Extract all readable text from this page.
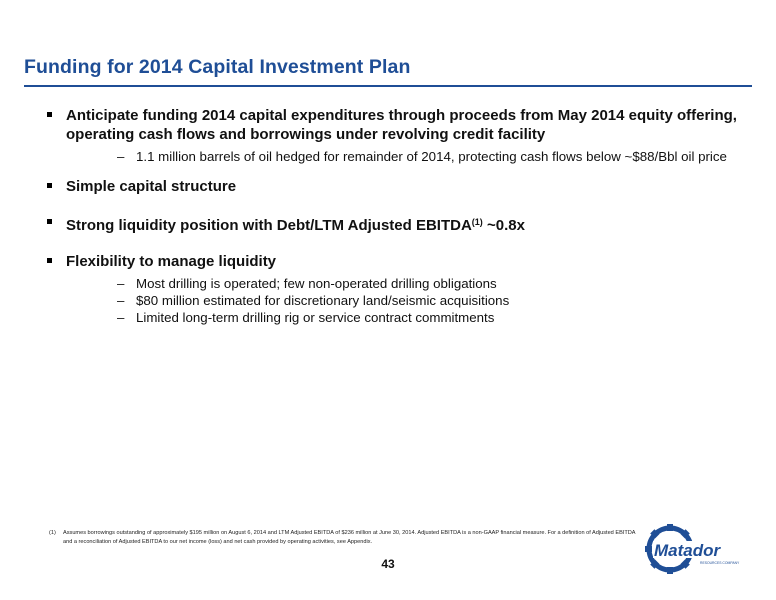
Funding for 2014 Capital Investment Plan
Anticipate funding 2014 capital expenditures through proceeds from May 2014 equity offering, operating cash flows and borrowings under revolving credit facility
– 1.1 million barrels of oil hedged for remainder of 2014, protecting cash flows below ~$88/Bbl oil price
Simple capital structure
Strong liquidity position with Debt/LTM Adjusted EBITDA$^{(1)}$ ~0.8x
Flexibility to manage liquidity
– Most drilling is operated; few non-operated drilling obligations
– $80 million estimated for discretionary land/seismic acquisitions
– Limited long-term drilling rig or service contract commitments
(1)	Assumes borrowings outstanding of approximately $195 million on August 6, 2014 and LTM Adjusted EBITDA of $236 million at June 30, 2014. Adjusted EBITDA is a non-GAAP financial measure. For a definition of Adjusted EBITDA and a reconciliation of Adjusted EBITDA to our net income (loss) and net cash provided by operating activities, see Appendix.
43
Matador
RESOURCES COMPANY
